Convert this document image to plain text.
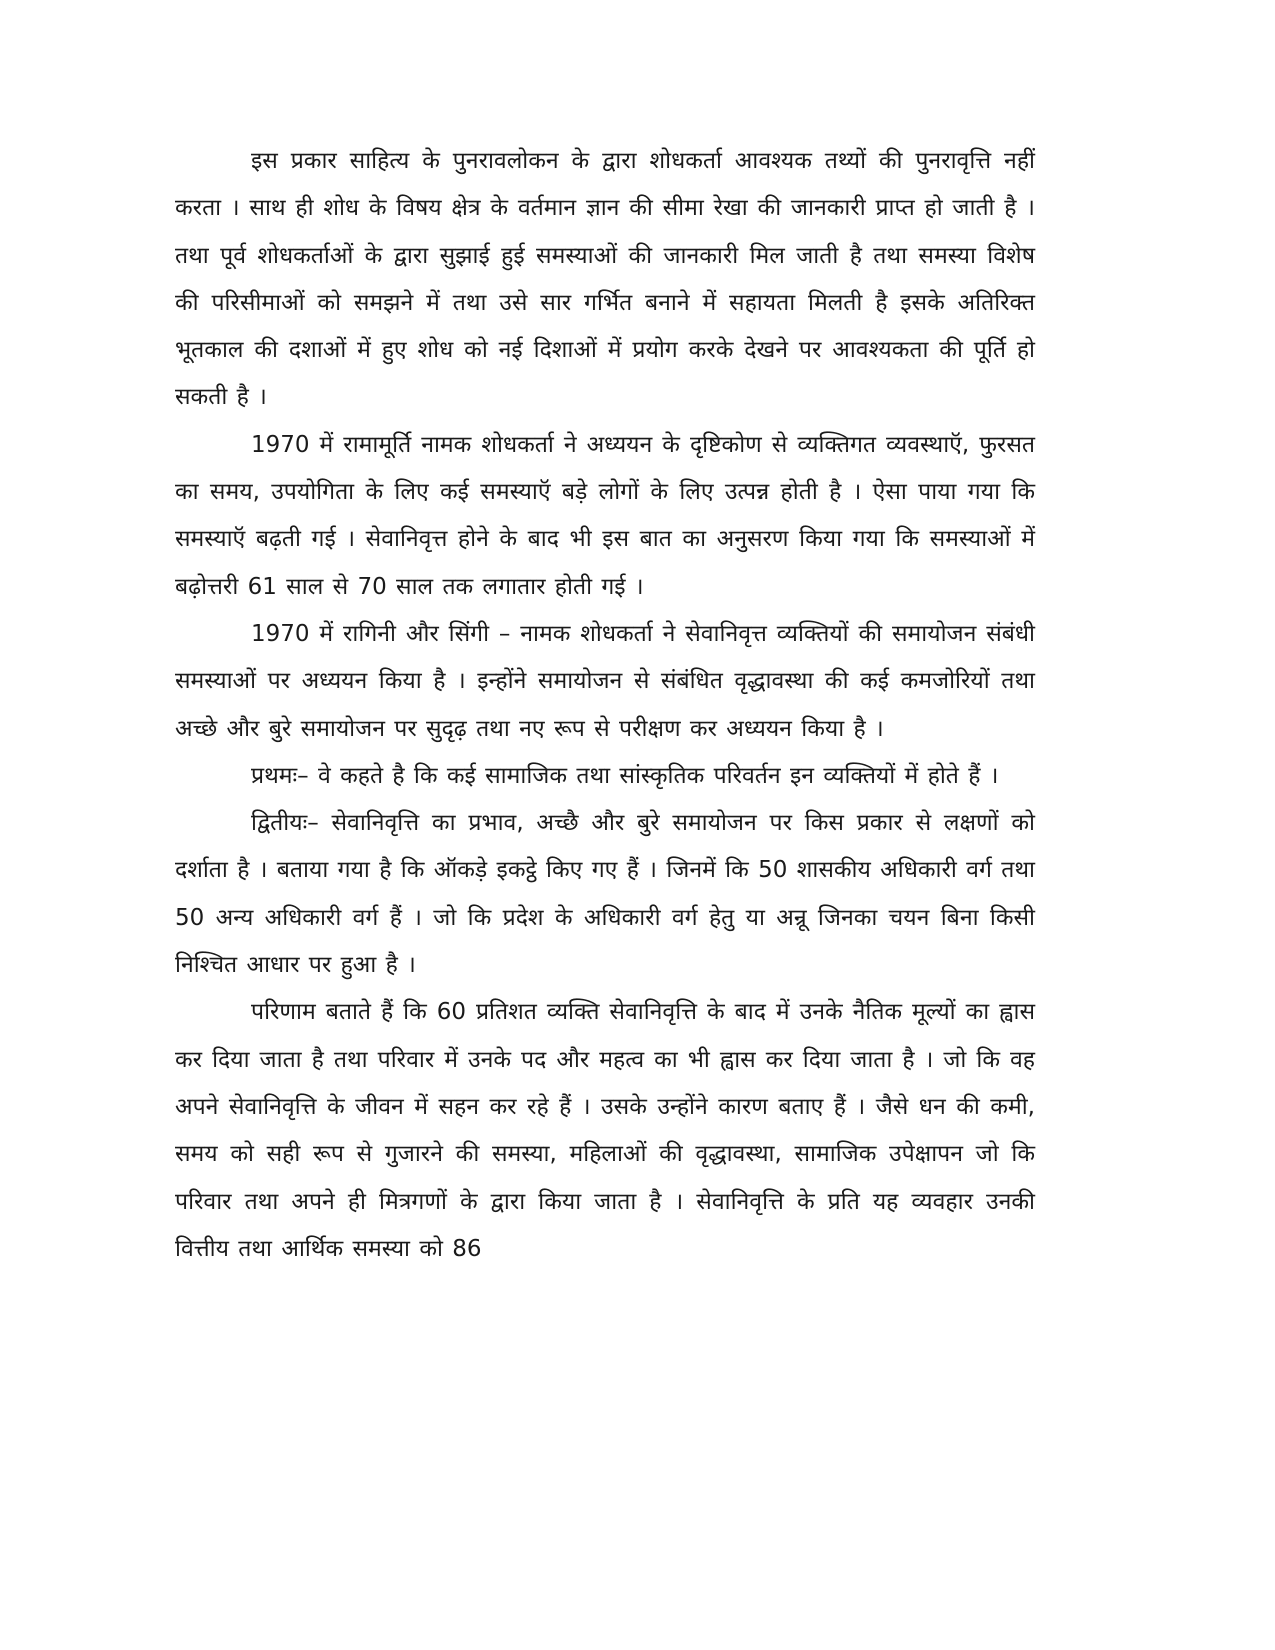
इस प्रकार साहित्य के पुनरावलोकन के द्वारा शोधकर्ता आवश्यक तथ्यों की पुनरावृत्ति नहीं करता । साथ ही शोध के विषय क्षेत्र के वर्तमान ज्ञान की सीमा रेखा की जानकारी प्राप्त हो जाती है । तथा पूर्व शोधकर्ताओं के द्वारा सुझाई हुई समस्याओं की जानकारी मिल जाती है तथा समस्या विशेष की परिसीमाओं को समझने में तथा उसे सार गर्भित बनाने में सहायता मिलती है इसके अतिरिक्त भूतकाल की दशाओं में हुए शोध को नई दिशाओं में प्रयोग करके देखने पर आवश्यकता की पूर्ति हो सकती है ।

1970 में रामामूर्ति नामक शोधकर्ता ने अध्ययन के दृष्टिकोण से व्यक्तिगत व्यवस्थाऍ, फुरसत का समय, उपयोगिता के लिए कई समस्याऍ बड़े लोगों के लिए उत्पन्न होती है । ऐसा पाया गया कि समस्याऍ बढ़ती गई । सेवानिवृत्त होने के बाद भी इस बात का अनुसरण किया गया कि समस्याओं में बढ़ोत्तरी 61 साल से 70 साल तक लगातार होती गई ।

1970 में रागिनी और सिंगी – नामक शोधकर्ता ने सेवानिवृत्त व्यक्तियों की समायोजन संबंधी समस्याओं पर अध्ययन किया है । इन्होंने समायोजन से संबंधित वृद्धावस्था की कई कमजोरियों तथा अच्छे और बुरे समायोजन पर सुदृढ़ तथा नए रूप से परीक्षण कर अध्ययन किया है ।

प्रथमः– वे कहते है कि कई सामाजिक तथा सांस्कृतिक परिवर्तन इन व्यक्तियों में होते हैं ।

द्वितीयः– सेवानिवृत्ति का प्रभाव, अच्छै और बुरे समायोजन पर किस प्रकार से लक्षणों को दर्शाता है । बताया गया है कि ऑकड़े इकट्ठे किए गए हैं । जिनमें कि 50 शासकीय अधिकारी वर्ग तथा 50 अन्य अधिकारी वर्ग हैं । जो कि प्रदेश के अधिकारी वर्ग हेतु या अन्रू जिनका चयन बिना किसी निश्चित आधार पर हुआ है ।

परिणाम बताते हैं कि 60 प्रतिशत व्यक्ति सेवानिवृत्ति के बाद में उनके नैतिक मूल्यों का ह्वास कर दिया जाता है तथा परिवार में उनके पद और महत्व का भी ह्वास कर दिया जाता है । जो कि वह अपने सेवानिवृत्ति के जीवन में सहन कर रहे हैं । उसके उन्होंने कारण बताए हैं । जैसे धन की कमी, समय को सही रूप से गुजारने की समस्या, महिलाओं की वृद्धावस्था, सामाजिक उपेक्षापन जो कि परिवार तथा अपने ही मित्रगणों के द्वारा किया जाता है । सेवानिवृत्ति के प्रति यह व्यवहार उनकी वित्तीय तथा आर्थिक समस्या को 86
